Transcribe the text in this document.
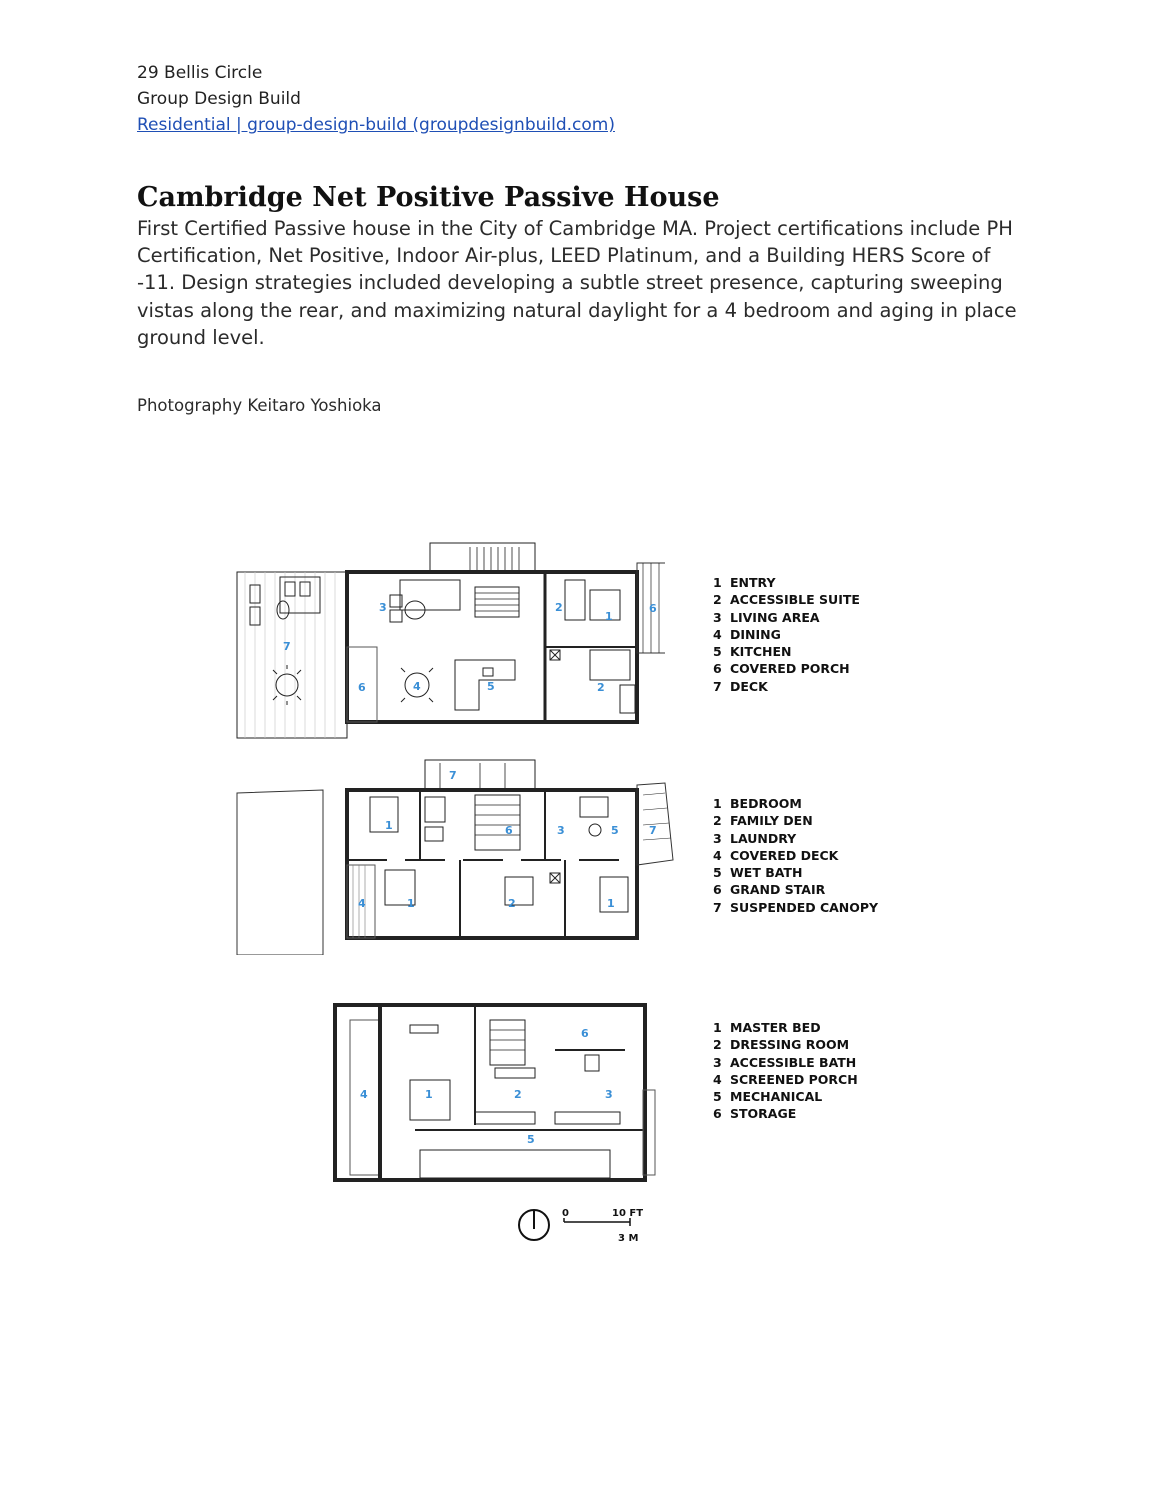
29 Bellis Circle
Group Design Build
Residential | group-design-build (groupdesignbuild.com)
Cambridge Net Positive Passive House

First Certified Passive house in the City of Cambridge MA. Project certifications include PH Certification, Net Positive, Indoor Air-plus, LEED Platinum, and a Building HERS Score of -11. Design strategies included developing a subtle street presence, capturing sweeping vistas along the rear, and maximizing natural daylight for a 4 bedroom and aging in place ground level.

Photography Keitaro Yoshioka
7
6
3
4	5
2
1
2
6
1 ENTRY
2 ACCESSIBLE SUITE
3 LIVING AREA
4 DINING
5 KITCHEN
6 COVERED PORCH
7 DECK
7
1	6	3	5	7
4	1	2	1
1 BEDROOM
2 FAMILY DEN
3 LAUNDRY
4 COVERED DECK
5 WET BATH
6 GRAND STAIR
7 SUSPENDED CANOPY
6
4	1	2	3
5
1 MASTER BED
2 DRESSING ROOM
3 ACCESSIBLE BATH
4 SCREENED PORCH
5 MECHANICAL
6 STORAGE
0	10 FT
3 M
